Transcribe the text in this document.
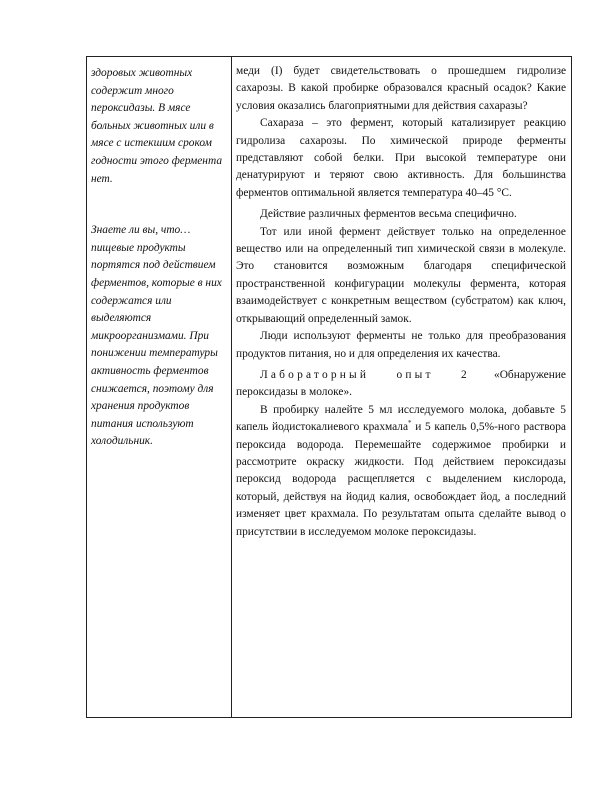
здоровых животных содержит много пероксидазы. В мясе больных животных или в мясе с истекшим сроком годности этого фермента нет.

Знаете ли вы, что… пищевые продукты портятся под действием ферментов, которые в них содержатся или выделяются микроорганизмами. При понижении температуры активность ферментов снижается, поэтому для хранения продуктов питания используют холодильник.

меди (I) будет свидетельствовать о прошедшем гидролизе сахарозы. В какой пробирке образовался красный осадок? Какие условия оказались благоприятными для действия сахаразы?

Сахараза – это фермент, который катализирует реакцию гидролиза сахарозы. По химической природе ферменты представляют собой белки. При высокой температуре они денатурируют и теряют свою активность. Для большинства ферментов оптимальной является температура 40–45 °С.

Действие различных ферментов весьма специфично.

Тот или иной фермент действует только на определенное вещество или на определенный тип химической связи в молекуле. Это становится возможным благодаря специфической пространственной конфигурации молекулы фермента, которая взаимодействует с конкретным веществом (субстратом) как ключ, открывающий определенный замок.

Люди используют ферменты не только для преобразования продуктов питания, но и для определения их качества.

Лабораторный опыт 2 «Обнаружение пероксидазы в молоке».

В пробирку налейте 5 мл исследуемого молока, добавьте 5 капель йодистокалиевого крахмала* и 5 капель 0,5%-ного раствора пероксида водорода. Перемешайте содержимое пробирки и рассмотрите окраску жидкости. Под действием пероксидазы пероксид водорода расщепляется с выделением кислорода, который, действуя на йодид калия, освобождает йод, а последний изменяет цвет крахмала. По результатам опыта сделайте вывод о присутствии в исследуемом молоке пероксидазы.
